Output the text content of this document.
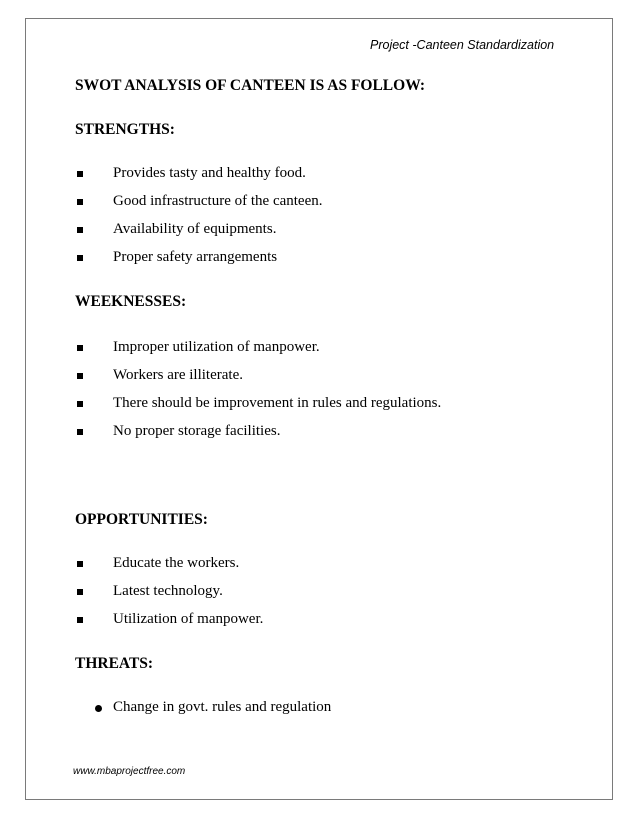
Project -Canteen Standardization
SWOT ANALYSIS OF CANTEEN IS AS FOLLOW:
STRENGTHS:
Provides tasty and healthy food.
Good infrastructure of the canteen.
Availability of equipments.
Proper safety arrangements
WEEKNESSES:
Improper utilization of manpower.
Workers are illiterate.
There should be improvement in rules and regulations.
No proper storage facilities.
OPPORTUNITIES:
Educate the workers.
Latest technology.
Utilization of manpower.
THREATS:
Change in govt. rules and regulation
www.mbaprojectfree.com
